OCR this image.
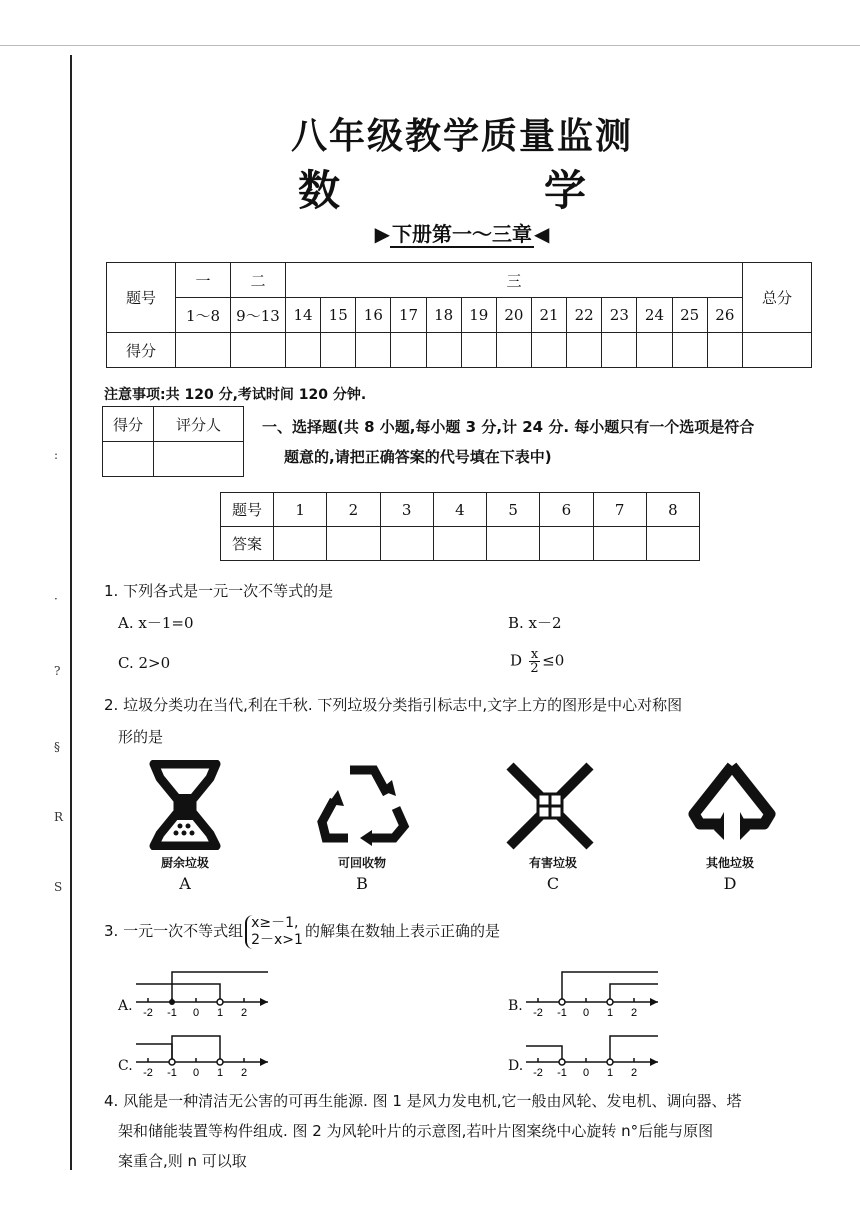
:
·
?
§
R
S
八年级教学质量监测
数　　学
▶ 下册第一～三章 ◀
题号	一	二	三													总分
	1～8	9～13	14	15	16	17	18	19	20	21	22	23	24	25	26	
得分																
注意事项:共 120 分,考试时间 120 分钟.
得分	评分人
		一、选择题(共 8 小题,每小题 3 分,计 24 分. 每小题只有一个选项是符合
题意的,请把正确答案的代号填在下表中)
题号	1	2	3	4	5	6	7	8
答案								
1. 下列各式是一元一次不等式的是
A. x－1=0	B. x－2
C. 2>0	D $\frac{x}{2} \le 0$
2. 垃圾分类功在当代,利在千秋. 下列垃圾分类指引标志中,文字上方的图形是中心对称图
形的是
厨余垃圾	可回收物	有害垃圾	其他垃圾
A	B	C	D
3. 一元一次不等式组 x≥－1,
2－x>1 的解集在数轴上表示正确的是
A. -2 -1 0 1 2	B. -2 -1 0 1 2
C. -2 -1 0 1 2	D. -2 -1 0 1 2
4. 风能是一种清洁无公害的可再生能源. 图 1 是风力发电机,它一般由风轮、发电机、调向器、塔
架和储能装置等构件组成. 图 2 为风轮叶片的示意图,若叶片图案绕中心旋转 n°后能与原图
案重合,则 n 可以取
